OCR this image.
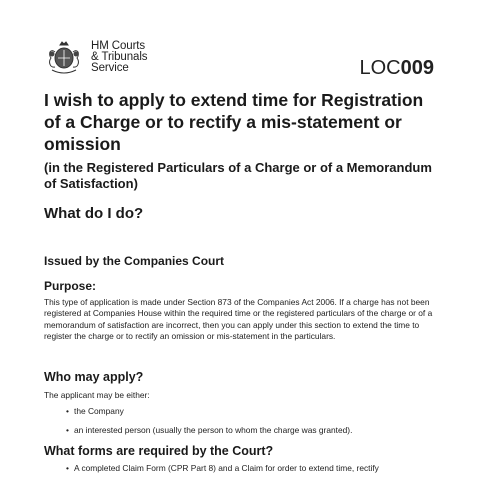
HM Courts
& Tribunals
Service	LOC009
I wish to apply to extend time for Registration of a Charge or to rectify a mis-statement or omission
(in the Registered Particulars of a Charge or of a Memorandum of Satisfaction)
What do I do?
Issued by the Companies Court
Purpose:
This type of application is made under Section 873 of the Companies Act 2006. If a charge has not been registered at Companies House within the required time or the registered particulars of the charge or of a memorandum of satisfaction are incorrect, then you can apply under this section to extend the time to register the charge or to rectify an omission or mis-statement in the particulars.
Who may apply?
The applicant may be either:
• the Company
• an interested person (usually the person to whom the charge was granted).
What forms are required by the Court?
• A completed Claim Form (CPR Part 8) and a Claim for order to extend time, rectify
